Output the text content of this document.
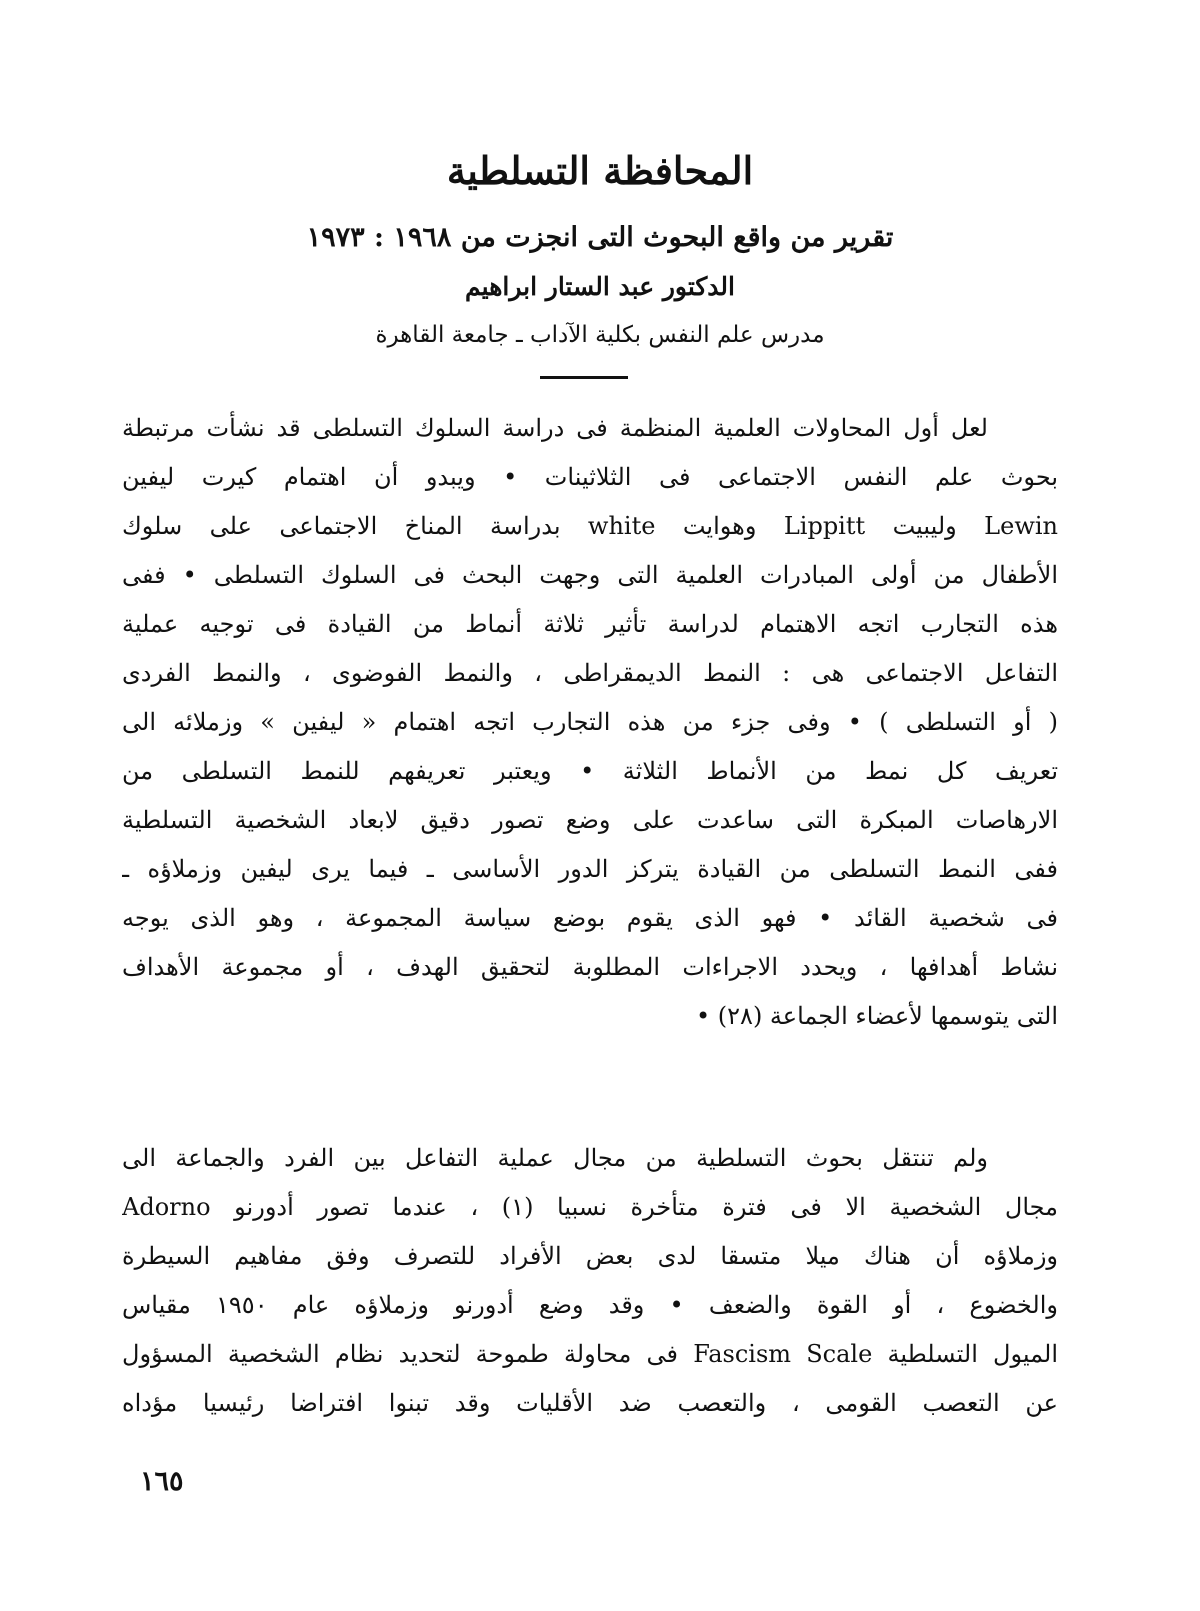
المحافظة التسلطية
تقرير من واقع البحوث التى انجزت من ١٩٦٨ : ١٩٧٣
الدكتور عبد الستار ابراهيم
مدرس علم النفس بكلية الآداب ـ جامعة القاهرة
لعل أول المحاولات العلمية المنظمة فى دراسة السلوك التسلطى قد نشأت مرتبطة
بحوث علم النفس الاجتماعى فى الثلاثينات • ويبدو أن اهتمام كيرت ليفين
Lewin وليبيت Lippitt وهوايت white بدراسة المناخ الاجتماعى على سلوك
الأطفال من أولى المبادرات العلمية التى وجهت البحث فى السلوك التسلطى • ففى
هذه التجارب اتجه الاهتمام لدراسة تأثير ثلاثة أنماط من القيادة فى توجيه عملية
التفاعل الاجتماعى هى : النمط الديمقراطى ، والنمط الفوضوى ، والنمط الفردى
( أو التسلطى ) • وفى جزء من هذه التجارب اتجه اهتمام « ليفين » وزملائه الى
تعريف كل نمط من الأنماط الثلاثة • ويعتبر تعريفهم للنمط التسلطى من
الارهاصات المبكرة التى ساعدت على وضع تصور دقيق لابعاد الشخصية التسلطية
ففى النمط التسلطى من القيادة يتركز الدور الأساسى ـ فيما يرى ليفين وزملاؤه ـ
فى شخصية القائد • فهو الذى يقوم بوضع سياسة المجموعة ، وهو الذى يوجه
نشاط أهدافها ، ويحدد الاجراءات المطلوبة لتحقيق الهدف ، أو مجموعة الأهداف
التى يتوسمها لأعضاء الجماعة (٢٨) •
ولم تنتقل بحوث التسلطية من مجال عملية التفاعل بين الفرد والجماعة الى
مجال الشخصية الا فى فترة متأخرة نسبيا (١) ، عندما تصور أدورنو Adorno
وزملاؤه أن هناك ميلا متسقا لدى بعض الأفراد للتصرف وفق مفاهيم السيطرة
والخضوع ، أو القوة والضعف • وقد وضع أدورنو وزملاؤه عام ١٩٥٠ مقياس
الميول التسلطية Fascism Scale فى محاولة طموحة لتحديد نظام الشخصية المسؤول
عن التعصب القومى ، والتعصب ضد الأقليات وقد تبنوا افتراضا رئيسيا مؤداه
١٦٥
